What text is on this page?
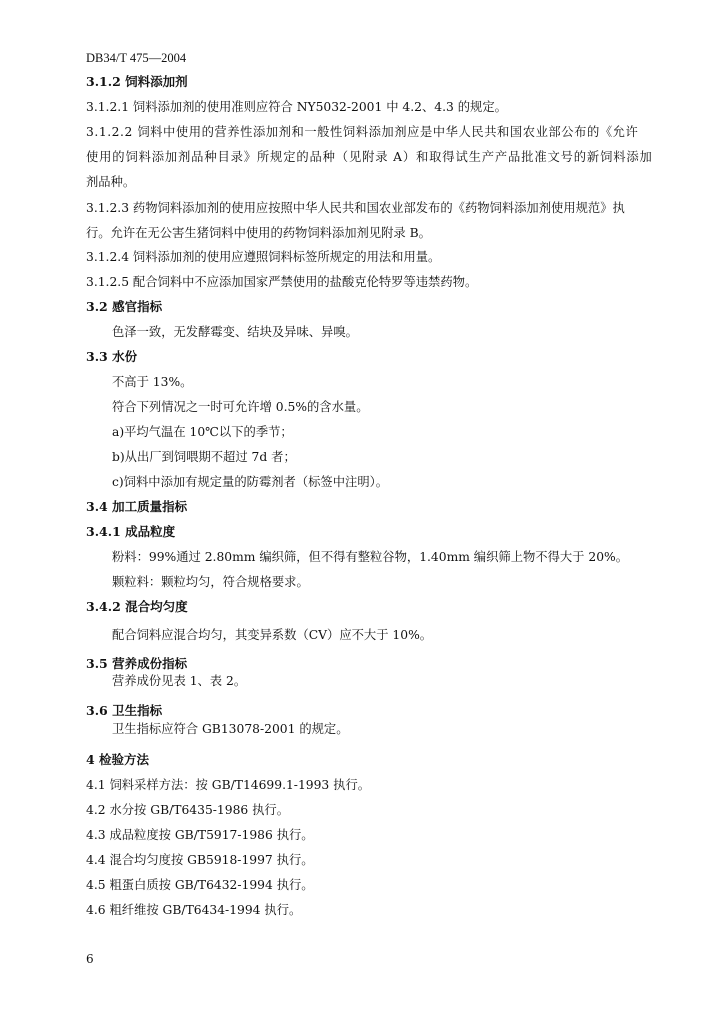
DB34/T 475—2004
3.1.2 饲料添加剂
3.1.2.1 饲料添加剂的使用准则应符合 NY5032-2001 中 4.2、4.3 的规定。
3.1.2.2 饲料中使用的营养性添加剂和一般性饲料添加剂应是中华人民共和国农业部公布的《允许
使用的饲料添加剂品种目录》所规定的品种（见附录 A）和取得试生产产品批准文号的新饲料添加
剂品种。
3.1.2.3 药物饲料添加剂的使用应按照中华人民共和国农业部发布的《药物饲料添加剂使用规范》执
行。允许在无公害生猪饲料中使用的药物饲料添加剂见附录 B。
3.1.2.4 饲料添加剂的使用应遵照饲料标签所规定的用法和用量。
3.1.2.5 配合饲料中不应添加国家严禁使用的盐酸克伦特罗等违禁药物。
3.2 感官指标
色泽一致，无发酵霉变、结块及异味、异嗅。
3.3 水份
不高于 13%。
符合下列情况之一时可允许增 0.5%的含水量。
a)平均气温在 10℃以下的季节；
b)从出厂到饲喂期不超过 7d 者；
c)饲料中添加有规定量的防霉剂者（标签中注明）。
3.4 加工质量指标
3.4.1 成品粒度
粉料：99%通过 2.80mm 编织筛，但不得有整粒谷物，1.40mm 编织筛上物不得大于 20%。
颗粒料：颗粒均匀，符合规格要求。
3.4.2 混合均匀度
配合饲料应混合均匀，其变异系数（CV）应不大于 10%。
3.5 营养成份指标
营养成份见表 1、表 2。
3.6 卫生指标
卫生指标应符合 GB13078-2001 的规定。
4 检验方法
4.1 饲料采样方法：按 GB/T14699.1-1993 执行。
4.2 水分按 GB/T6435-1986 执行。
4.3 成品粒度按 GB/T5917-1986 执行。
4.4 混合均匀度按 GB5918-1997 执行。
4.5 粗蛋白质按 GB/T6432-1994 执行。
4.6 粗纤维按 GB/T6434-1994 执行。
6
